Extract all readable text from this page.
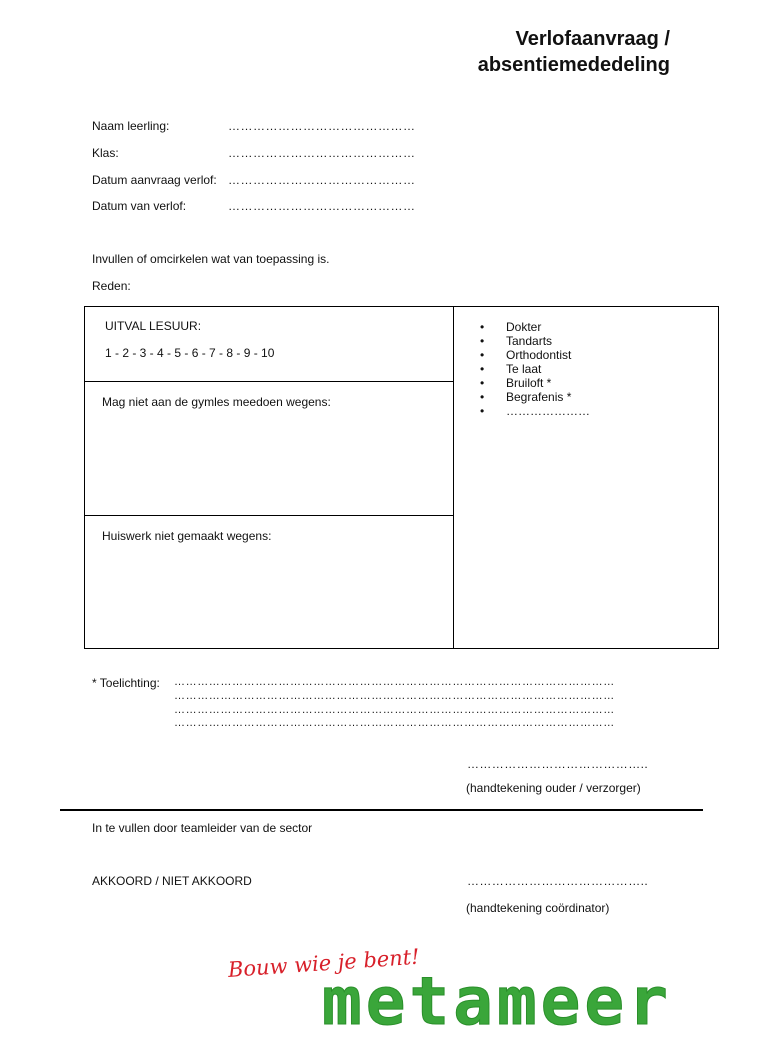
Verlofaanvraag /
absentiemededeling
Naam leerling:	………………………………………
Klas:	………………………………………
Datum aanvraag verlof: ………………………………………
Datum van verlof:	………………………………………
Invullen of omcirkelen wat van toepassing is.
Reden:
UITVAL LESUUR:
1 - 2 - 3 - 4 - 5 - 6 - 7 - 8 - 9 - 10
Mag niet aan de gymles meedoen wegens:
Huiswerk niet gemaakt wegens:
• Dokter
• Tandarts
• Orthodontist
• Te laat
• Bruiloft *
• Begrafenis *
• …………………
* Toelichting: ……………………………………………………………………………………………………
……………………………………………………………………………………………………
……………………………………………………………………………………………………
……………………………………………………………………………………………………
……………………………………..
(handtekening ouder / verzorger)
In te vullen door teamleider van de sector
AKKOORD / NIET AKKOORD	……………………………………..
(handtekening coördinator)
Bouw wie je bent!
metameer
